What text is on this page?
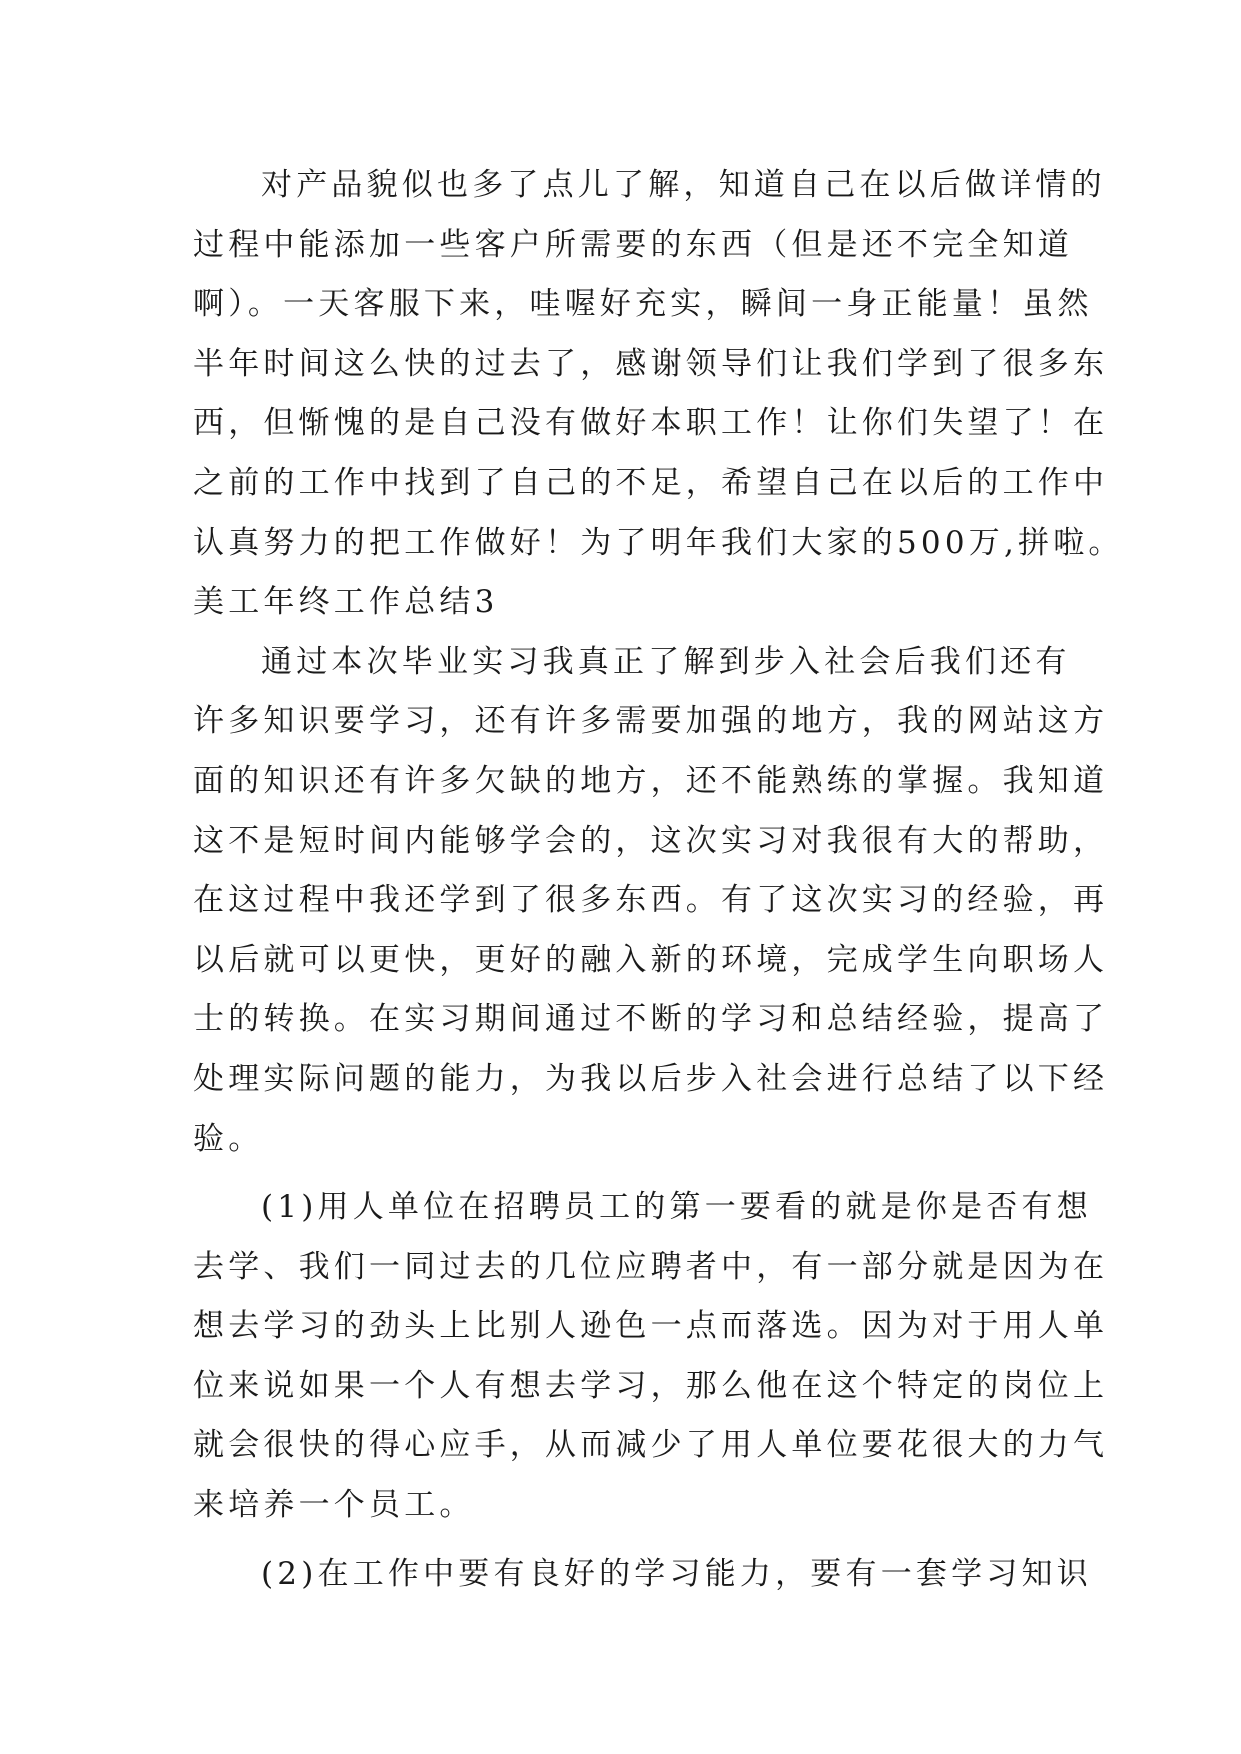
对产品貌似也多了点儿了解，知道自己在以后做详情的
过程中能添加一些客户所需要的东西（但是还不完全知道
啊）。一天客服下来，哇喔好充实，瞬间一身正能量！虽然
半年时间这么快的过去了，感谢领导们让我们学到了很多东
西，但惭愧的是自己没有做好本职工作！让你们失望了！在
之前的工作中找到了自己的不足，希望自己在以后的工作中
认真努力的把工作做好！为了明年我们大家的500万,拼啦。
美工年终工作总结3
通过本次毕业实习我真正了解到步入社会后我们还有
许多知识要学习，还有许多需要加强的地方，我的网站这方
面的知识还有许多欠缺的地方，还不能熟练的掌握。我知道
这不是短时间内能够学会的，这次实习对我很有大的帮助，
在这过程中我还学到了很多东西。有了这次实习的经验，再
以后就可以更快，更好的融入新的环境，完成学生向职场人
士的转换。在实习期间通过不断的学习和总结经验，提高了
处理实际问题的能力，为我以后步入社会进行总结了以下经
验。
(1)用人单位在招聘员工的第一要看的就是你是否有想
去学、我们一同过去的几位应聘者中，有一部分就是因为在
想去学习的劲头上比别人逊色一点而落选。因为对于用人单
位来说如果一个人有想去学习，那么他在这个特定的岗位上
就会很快的得心应手，从而减少了用人单位要花很大的力气
来培养一个员工。
(2)在工作中要有良好的学习能力，要有一套学习知识
